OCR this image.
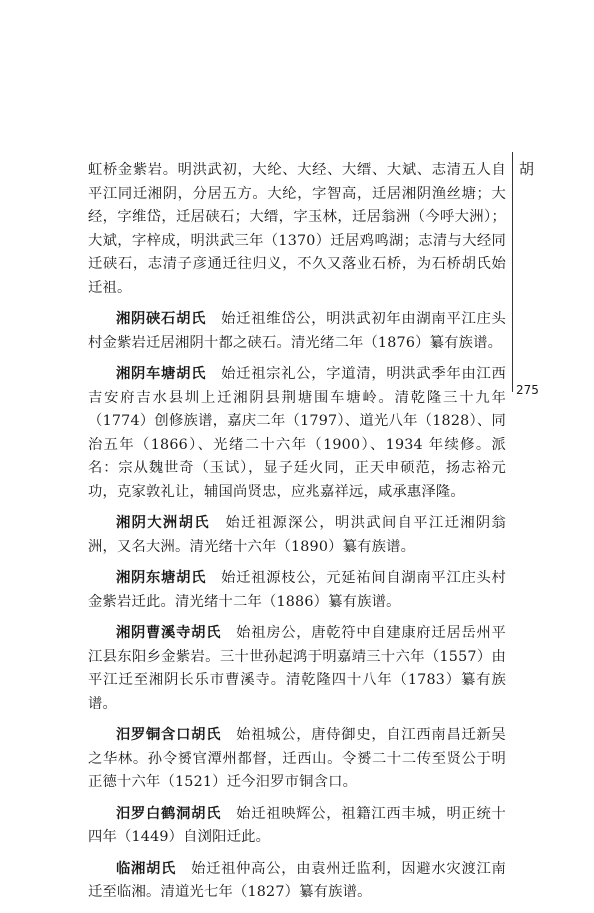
胡
275

虹桥金紫岩。明洪武初，大纶、大经、大缙、大斌、志清五人自平江同迁湘阴，分居五方。大纶，字智高，迁居湘阴渔丝塘；大经，字维岱，迁居硖石；大缙，字玉林，迁居翁洲（今呼大洲）；大斌，字梓成，明洪武三年（1370）迁居鸡鸣湖；志清与大经同迁硖石，志清子彦通迁往归义，不久又落业石桥，为石桥胡氏始迁祖。

湘阴硖石胡氏　 始迁祖维岱公，明洪武初年由湖南平江庄头村金紫岩迁居湘阴十都之硖石。清光绪二年（1876）纂有族谱。

湘阴车塘胡氏　 始迁祖宗礼公，字道清，明洪武季年由江西吉安府吉水县圳上迁湘阴县荆塘围车塘岭。清乾隆三十九年（1774）创修族谱，嘉庆二年（1797）、道光八年（1828）、同治五年（1866）、光绪二十六年（1900）、1934 年续修。派名：宗从魏世奇（玉试），显子廷火同，正天申硕范，扬志裕元功，克家敦礼让，辅国尚贤忠，应兆嘉祥远，咸承惠泽隆。

湘阴大洲胡氏　 始迁祖源深公，明洪武间自平江迁湘阴翁洲，又名大洲。清光绪十六年（1890）纂有族谱。

湘阴东塘胡氏　 始迁祖源枝公，元延祐间自湖南平江庄头村金紫岩迁此。清光绪十二年（1886）纂有族谱。

湘阴曹溪寺胡氏　 始祖房公，唐乾符中自建康府迁居岳州平江县东阳乡金紫岩。三十世孙起鸿于明嘉靖三十六年（1557）由平江迁至湘阴长乐市曹溪寺。清乾隆四十八年（1783）纂有族谱。

汨罗铜含口胡氏　 始祖城公，唐侍御史，自江西南昌迁新吴之华林。孙令赟官潭州都督，迁西山。令赟二十二传至贤公于明正德十六年（1521）迁今汨罗市铜含口。

汨罗白鹤洞胡氏　 始迁祖映辉公，祖籍江西丰城，明正统十四年（1449）自浏阳迁此。

临湘胡氏　 始迁祖仲高公，由袁州迁监利，因避水灾渡江南迁至临湘。清道光七年（1827）纂有族谱。
